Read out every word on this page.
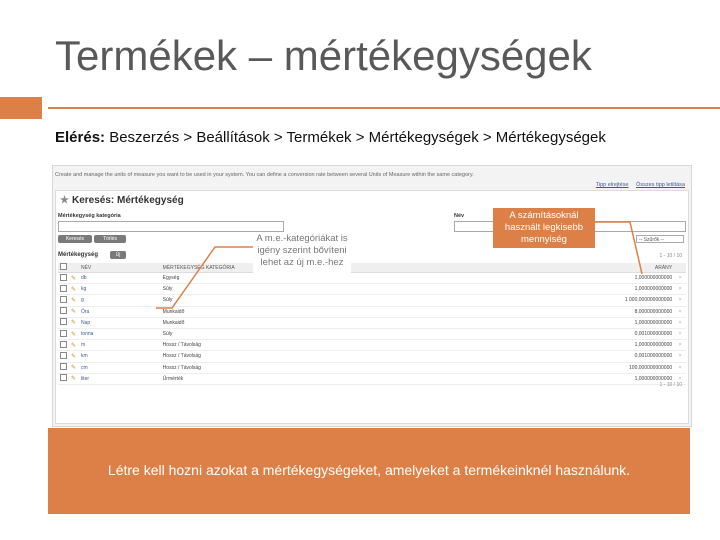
Termékek – mértékegységek
Elérés: Beszerzés > Beállítások > Termékek > Mértékegységek > Mértékegységek
Create and manage the units of measure you want to be used in your system. You can define a conversion rate between several Units of Measure within the same category.
Tipp elrejtése Összes tipp letiltása
★ Keresés: Mértékegység
Mértékegység kategória	Név
Keresés	Törlés	-- Szűrők --
Mértékegység	Új	1 - 10 / 10
		NÉV	MÉRTÉKEGYSÉG KATEGÓRIA	ARÁNY	
	✎	db	Egység	1,000000000000	×
	✎	kg	Súly	1,000000000000	×
	✎	g	Súly	1 000,000000000000	×
	✎	Óra	Munkaidő	8,000000000000	×
	✎	Nap	Munkaidő	1,000000000000	×
	✎	tonna	Súly	0,001000000000	×
	✎	m	Hossz / Távolság	1,000000000000	×
	✎	km	Hossz / Távolság	0,001000000000	×
	✎	cm	Hossz / Távolság	100,000000000000	×
	✎	liter	Űrmérték	1,000000000000	×
1 - 10 / 10
A m.e.-kategóriákat is igény szerint bővíteni lehet az új m.e.-hez
A számításoknál használt legkisebb mennyiség
Létre kell hozni azokat a mértékegységeket, amelyeket a termékeinknél használunk.
